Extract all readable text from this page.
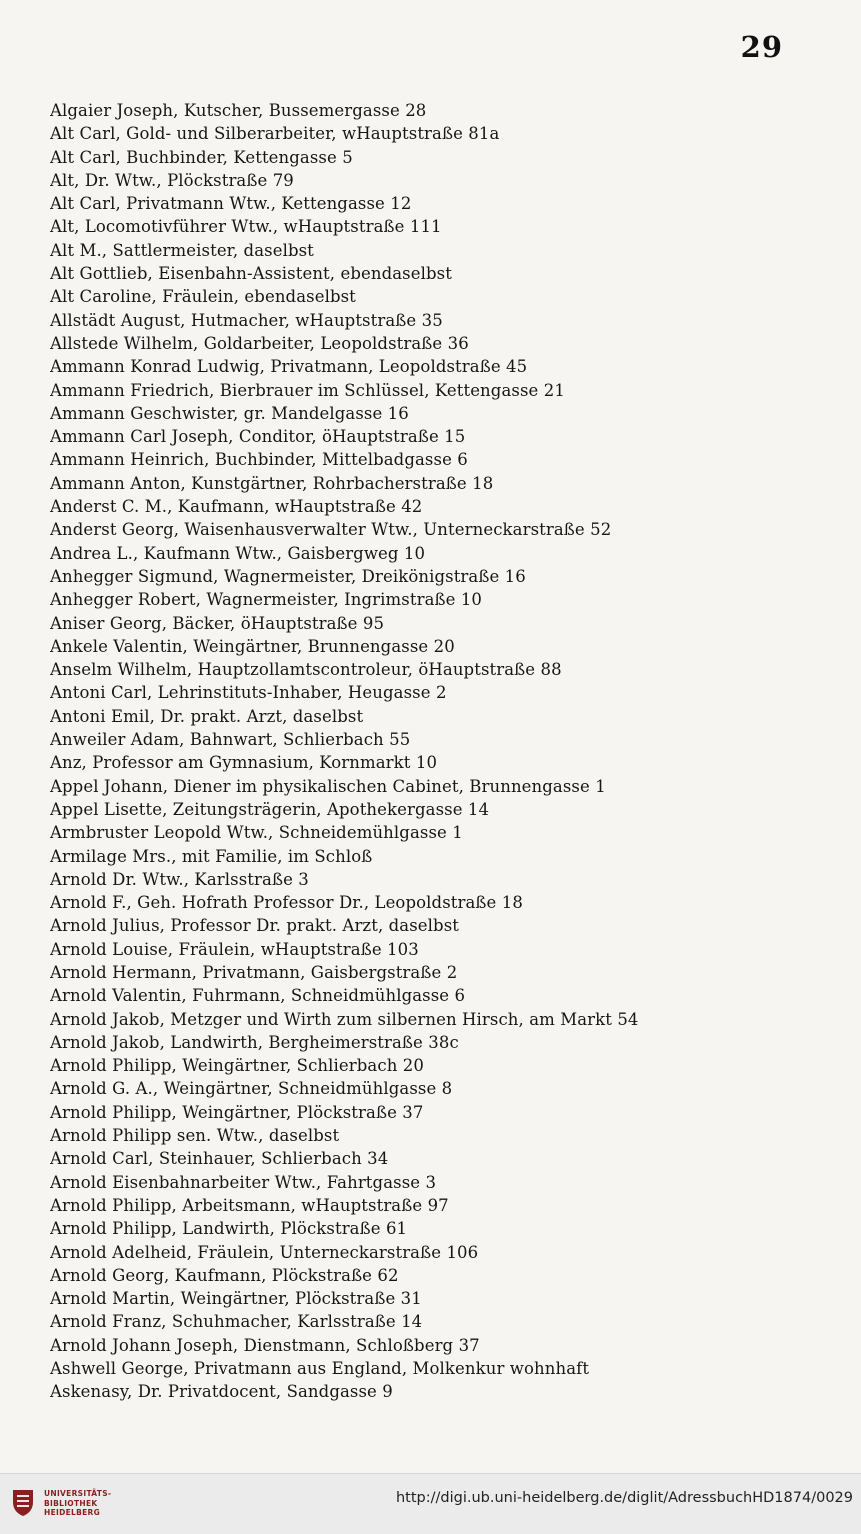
29
Algaier Joseph, Kutscher, Bussemergasse 28
Alt Carl, Gold- und Silberarbeiter, wHauptstraße 81a
Alt Carl, Buchbinder, Kettengasse 5
Alt, Dr. Wtw., Plöckstraße 79
Alt Carl, Privatmann Wtw., Kettengasse 12
Alt, Locomotivführer Wtw., wHauptstraße 111
Alt M., Sattlermeister, daselbst
Alt Gottlieb, Eisenbahn-Assistent, ebendaselbst
Alt Caroline, Fräulein, ebendaselbst
Allstädt August, Hutmacher, wHauptstraße 35
Allstede Wilhelm, Goldarbeiter, Leopoldstraße 36
Ammann Konrad Ludwig, Privatmann, Leopoldstraße 45
Ammann Friedrich, Bierbrauer im Schlüssel, Kettengasse 21
Ammann Geschwister, gr. Mandelgasse 16
Ammann Carl Joseph, Conditor, öHauptstraße 15
Ammann Heinrich, Buchbinder, Mittelbadgasse 6
Ammann Anton, Kunstgärtner, Rohrbacherstraße 18
Anderst C. M., Kaufmann, wHauptstraße 42
Anderst Georg, Waisenhausverwalter Wtw., Unterneckarstraße 52
Andrea L., Kaufmann Wtw., Gaisbergweg 10
Anhegger Sigmund, Wagnermeister, Dreikönigstraße 16
Anhegger Robert, Wagnermeister, Ingrimstraße 10
Aniser Georg, Bäcker, öHauptstraße 95
Ankele Valentin, Weingärtner, Brunnengasse 20
Anselm Wilhelm, Hauptzollamtscontroleur, öHauptstraße 88
Antoni Carl, Lehrinstituts-Inhaber, Heugasse 2
Antoni Emil, Dr. prakt. Arzt, daselbst
Anweiler Adam, Bahnwart, Schlierbach 55
Anz, Professor am Gymnasium, Kornmarkt 10
Appel Johann, Diener im physikalischen Cabinet, Brunnengasse 1
Appel Lisette, Zeitungsträgerin, Apothekergasse 14
Armbruster Leopold Wtw., Schneidemühlgasse 1
Armilage Mrs., mit Familie, im Schloß
Arnold Dr. Wtw., Karlsstraße 3
Arnold F., Geh. Hofrath Professor Dr., Leopoldstraße 18
Arnold Julius, Professor Dr. prakt. Arzt, daselbst
Arnold Louise, Fräulein, wHauptstraße 103
Arnold Hermann, Privatmann, Gaisbergstraße 2
Arnold Valentin, Fuhrmann, Schneidmühlgasse 6
Arnold Jakob, Metzger und Wirth zum silbernen Hirsch, am Markt 54
Arnold Jakob, Landwirth, Bergheimerstraße 38c
Arnold Philipp, Weingärtner, Schlierbach 20
Arnold G. A., Weingärtner, Schneidmühlgasse 8
Arnold Philipp, Weingärtner, Plöckstraße 37
Arnold Philipp sen. Wtw., daselbst
Arnold Carl, Steinhauer, Schlierbach 34
Arnold Eisenbahnarbeiter Wtw., Fahrtgasse 3
Arnold Philipp, Arbeitsmann, wHauptstraße 97
Arnold Philipp, Landwirth, Plöckstraße 61
Arnold Adelheid, Fräulein, Unterneckarstraße 106
Arnold Georg, Kaufmann, Plöckstraße 62
Arnold Martin, Weingärtner, Plöckstraße 31
Arnold Franz, Schuhmacher, Karlsstraße 14
Arnold Johann Joseph, Dienstmann, Schloßberg 37
Ashwell George, Privatmann aus England, Molkenkur wohnhaft
Askenasy, Dr. Privatdocent, Sandgasse 9
UNIVERSITÄTS-
BIBLIOTHEK
HEIDELBERG
http://digi.ub.uni-heidelberg.de/diglit/AdressbuchHD1874/0029
